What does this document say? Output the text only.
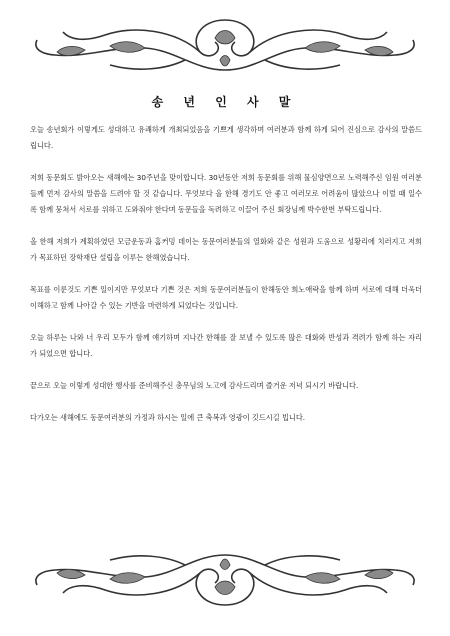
송 년 인 사 말

오늘 송년회가 이렇게도 성대하고 유쾌하게 개최되었음을 기쁘게 생각하며 여러분과 함께 하게 되어 진심으로 감사의 말씀드립니다.

저희 동문회도 밝아오는 새해에는 30주년을 맞이합니다. 30년동안 저희 동문회를 위해 물심양면으로 노력해주신 임원 여러분들께 먼저 감사의 말씀을 드려야 할 것 같습니다. 무엇보다 올 한해 경기도 안 좋고 여러모로 어려움이 많았으나 이럴 때 일수록 함께 뭉쳐서 서로를 위하고 도와줘야 한다며 동문들을 독려하고 이끌어 주신 회장님께 박수한번 부탁드립니다.

올 한해 저희가 계획하였던 모금운동과 홈커밍 데이는 동문여러분들의 열화와 같은 성원과 도움으로 성황리에 치러지고 저희가 목표하던 장학재단 설립을 이루는 한해였습니다.

목표를 이룬것도 기쁜 일이지만 무엇보다 기쁜 것은 저희 동문여러분들이 한해동안 희노애락을 함께 하며 서로에 대해 더욱더 이해하고 함께 나아갈 수 있는 기반을 마련하게 되었다는 것입니다.

오늘 하루는 나와 너 우리 모두가 함께 얘기하며 지나간 한해를 잘 보낼 수 있도록 많은 대화와 반성과 격려가 함께 하는 자리가 되었으면 합니다.

끝으로 오늘 이렇게 성대한 행사를 준비해주신 총무님의 노고에 감사드리며 즐거운 저녁 되시기 바랍니다.

다가오는 새해에도 동문여러분의 가정과 하시는 일에 큰 축복과 영광이 깃드시길 빕니다.
